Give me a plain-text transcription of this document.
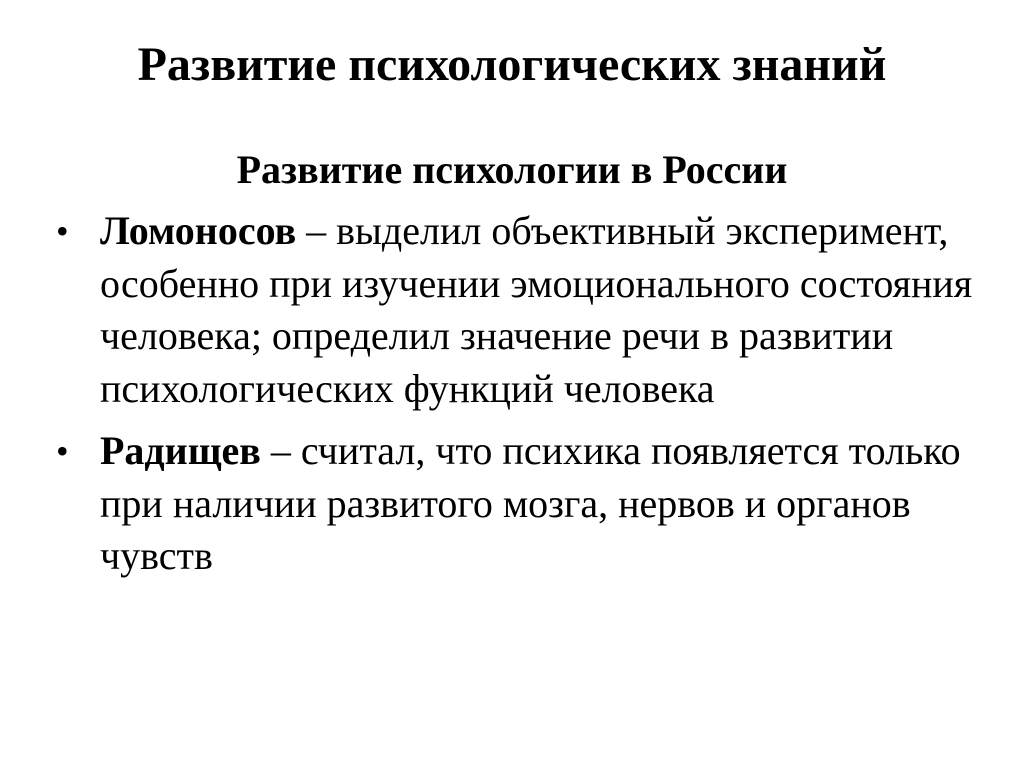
Развитие психологических знаний
Развитие психологии в России
• Ломоносов – выделил объективный эксперимент, особенно при изучении эмоционального состояния человека; определил значение речи в развитии психологических функций человека
• Радищев – считал, что психика появляется только при наличии развитого мозга, нервов и органов чувств
